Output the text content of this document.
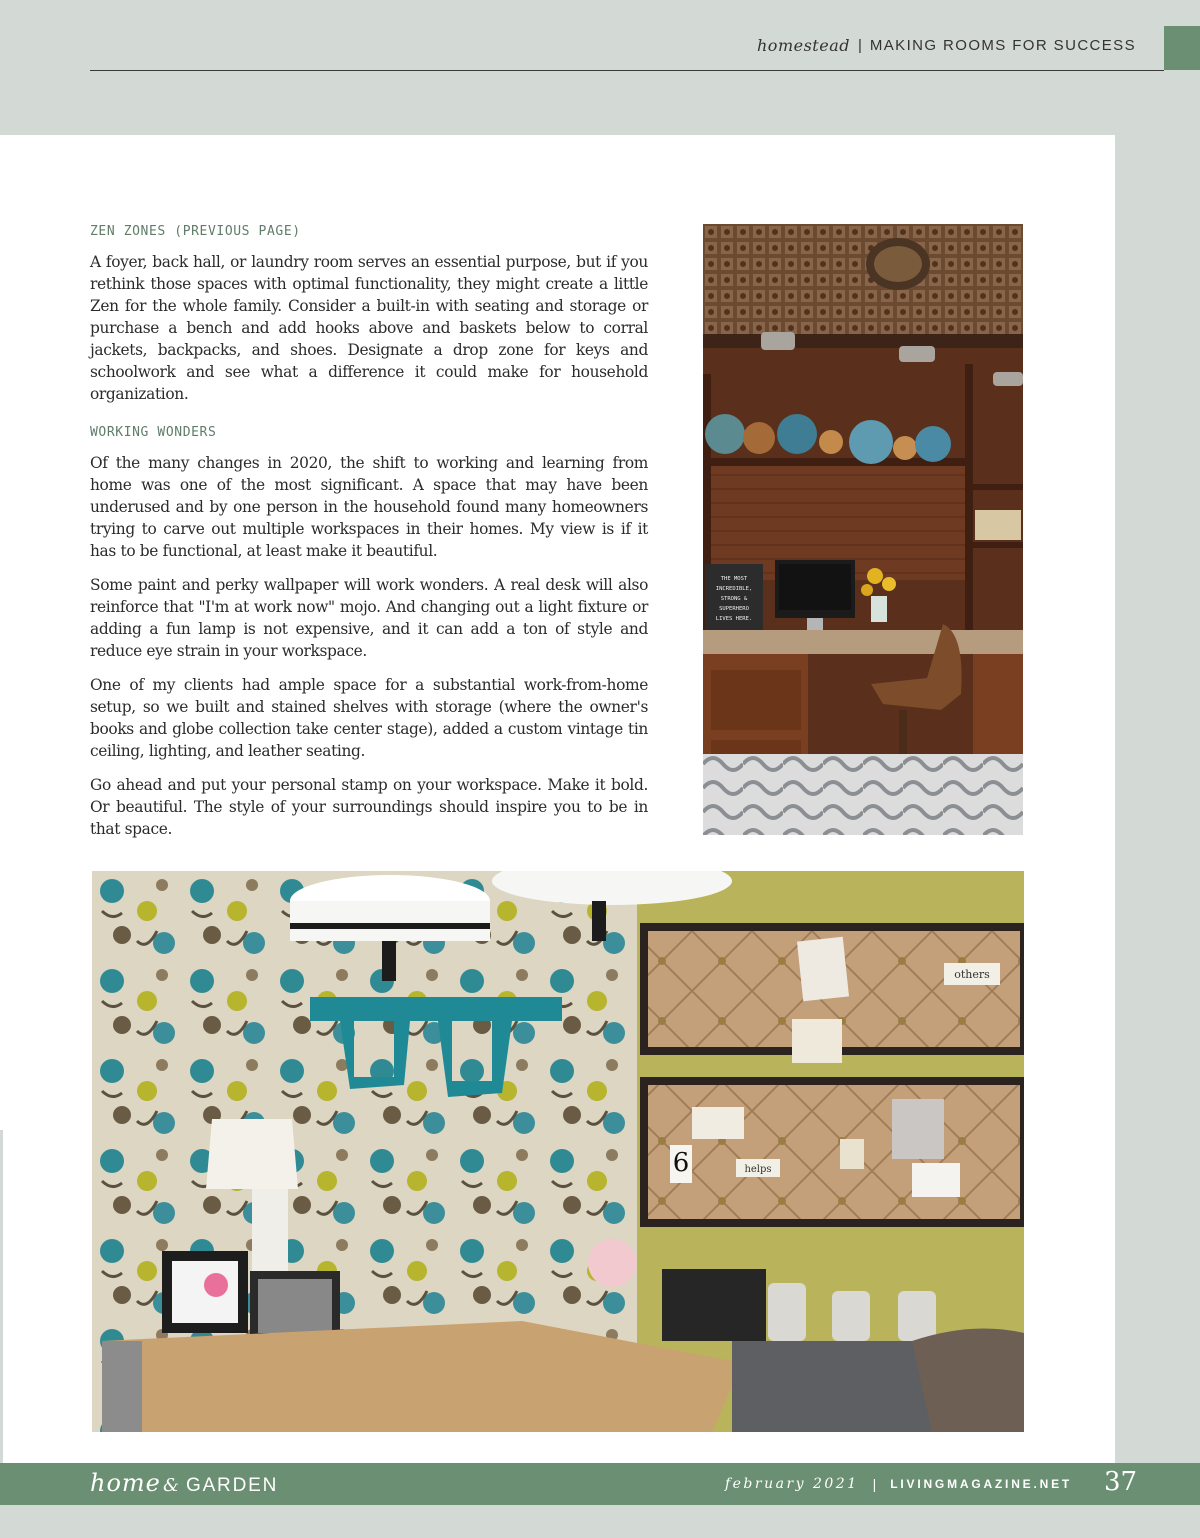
homestead | MAKING ROOMS FOR SUCCESS
ZEN ZONES (PREVIOUS PAGE)

A foyer, back hall, or laundry room serves an essential purpose, but if you rethink those spaces with optimal functionality, they might create a little Zen for the whole family. Consider a built-in with seating and storage or purchase a bench and add hooks above and baskets below to corral jackets, backpacks, and shoes. Designate a drop zone for keys and schoolwork and see what a difference it could make for household organization.

WORKING WONDERS

Of the many changes in 2020, the shift to working and learning from home was one of the most significant. A space that may have been underused and by one person in the household found many homeowners trying to carve out multiple workspaces in their homes. My view is if it has to be functional, at least make it beautiful.

Some paint and perky wallpaper will work wonders. A real desk will also reinforce that "I'm at work now" mojo. And changing out a light fixture or adding a fun lamp is not expensive, and it can add a ton of style and reduce eye strain in your workspace.

One of my clients had ample space for a substantial work-from-home setup, so we built and stained shelves with storage (where the owner's books and globe collection take center stage), added a custom vintage tin ceiling, lighting, and leather seating.

Go ahead and put your personal stamp on your workspace. Make it bold. Or beautiful. The style of your surroundings should inspire you to be in that space.

THE MOST
INCREDIBLE,
STRONG &
SUPERHERO
LIVES HERE.
others
6	helps
home & GARDEN	february 2021 | LIVINGMAGAZINE.NET 37
